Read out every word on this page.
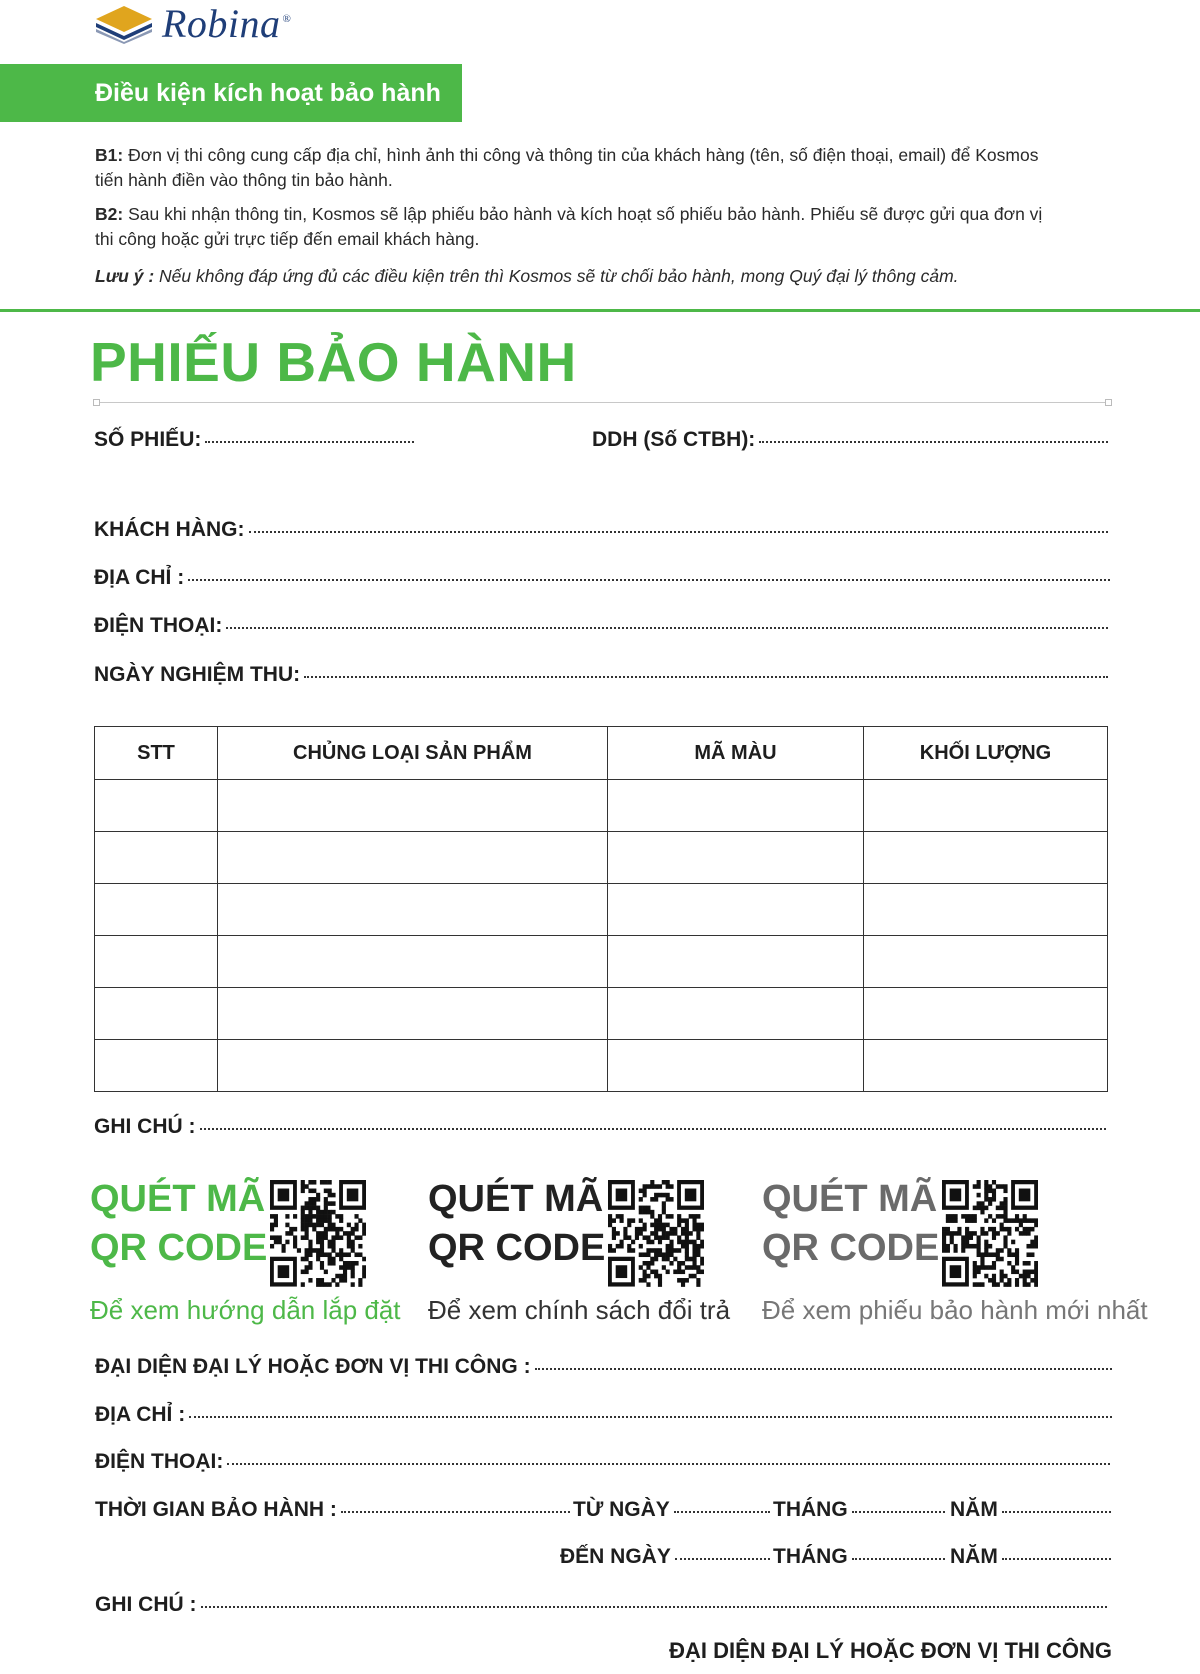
Robina ®
Điều kiện kích hoạt bảo hành
B1: Đơn vị thi công cung cấp địa chỉ, hình ảnh thi công và thông tin của khách hàng (tên, số điện thoại, email) để Kosmos tiến hành điền vào thông tin bảo hành.
B2: Sau khi nhận thông tin, Kosmos sẽ lập phiếu bảo hành và kích hoạt số phiếu bảo hành. Phiếu sẽ được gửi qua đơn vị thi công hoặc gửi trực tiếp đến email khách hàng.
Lưu ý : Nếu không đáp ứng đủ các điều kiện trên thì Kosmos sẽ từ chối bảo hành, mong Quý đại lý thông cảm.
PHIẾU BẢO HÀNH
SỐ PHIẾU:	DDH (Số CTBH):
KHÁCH HÀNG:
ĐỊA CHỈ :
ĐIỆN THOẠI:
NGÀY NGHIỆM THU:
STT	CHỦNG LOẠI SẢN PHẨM	MÃ MÀU	KHỐI LƯỢNG

GHI CHÚ :
QUÉT MÃ
QR CODE
Để xem hướng dẫn lắp đặt
QUÉT MÃ
QR CODE
Để xem chính sách đổi trả
QUÉT MÃ
QR CODE
Để xem phiếu bảo hành mới nhất
ĐẠI DIỆN ĐẠI LÝ HOẶC ĐƠN VỊ THI CÔNG :
ĐỊA CHỈ :
ĐIỆN THOẠI:
THỜI GIAN BẢO HÀNH :	TỪ NGÀY	THÁNG	NĂM
ĐẾN NGÀY	THÁNG	NĂM
GHI CHÚ :
ĐẠI DIỆN ĐẠI LÝ HOẶC ĐƠN VỊ THI CÔNG
